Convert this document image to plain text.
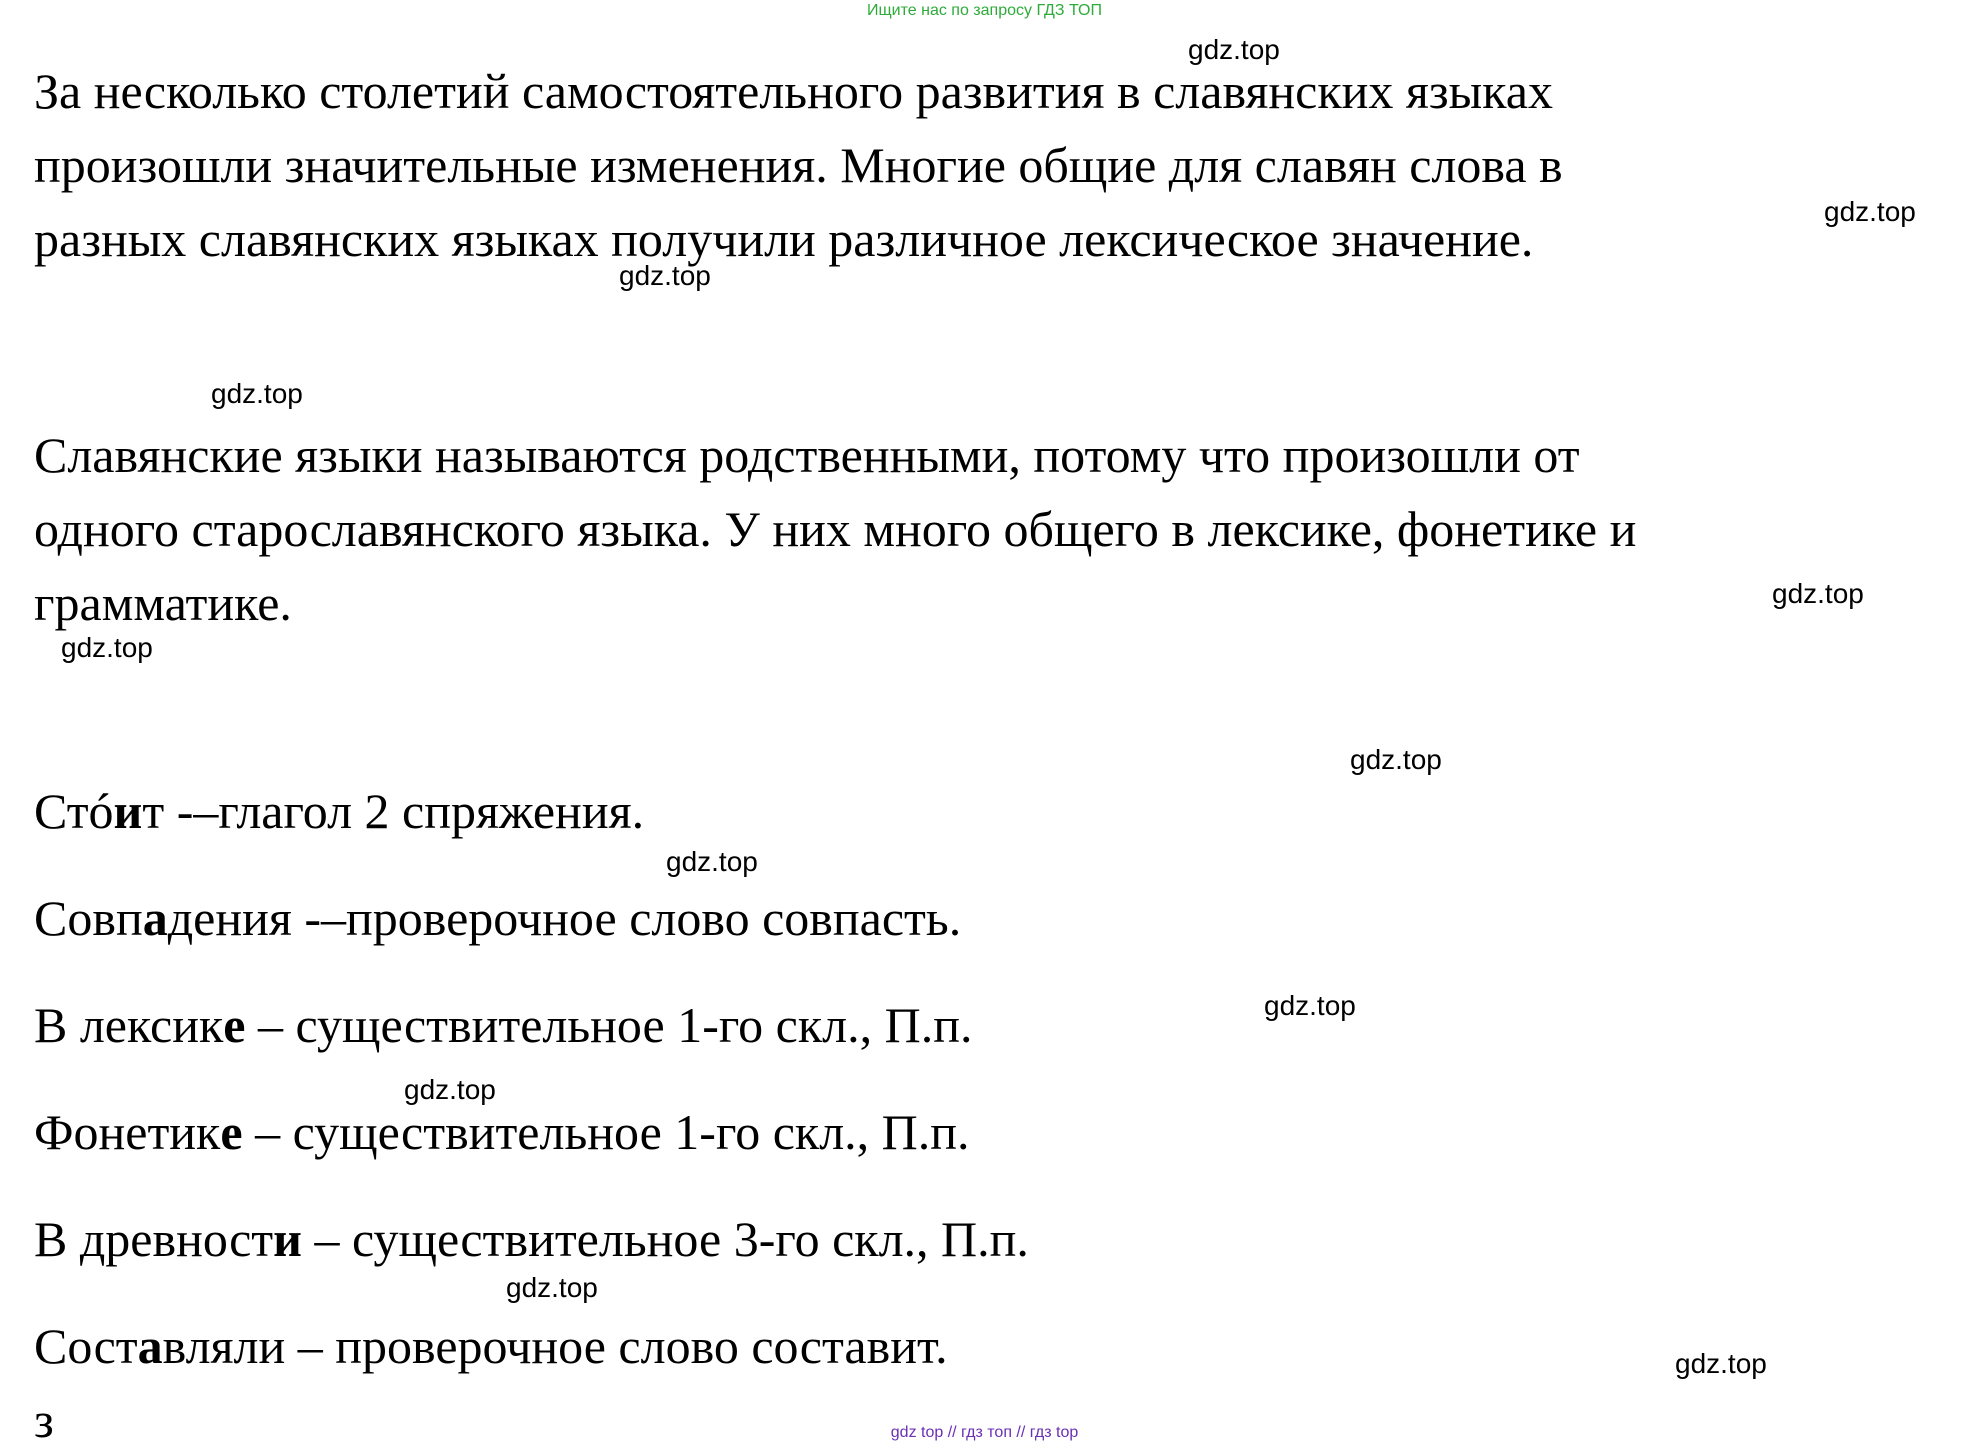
Ищите нас по запросу ГДЗ ТОП

За несколько столетий самостоятельного развития в славянских языках

произошли значительные изменения. Многие общие для славян слова в

разных славянских языках получили различное лексическое значение.

Славянские языки называются родственными, потому что произошли от

одного старославянского языка. У них много общего в лексике, фонетике и

грамматике.

Стóит -–глагол 2 спряжения.

Совпадения -–проверочное слово совпасть.

В лексике – существительное 1-го скл., П.п.

Фонетике – существительное 1-го скл., П.п.

В древности – существительное 3-го скл., П.п.

Составляли – проверочное слово составит.

з
gdz.top
gdz.top
gdz.top
gdz.top
gdz.top
gdz.top
gdz.top
gdz.top
gdz.top
gdz.top
gdz.top
gdz.top
gdz top // гдз топ // гдз top
